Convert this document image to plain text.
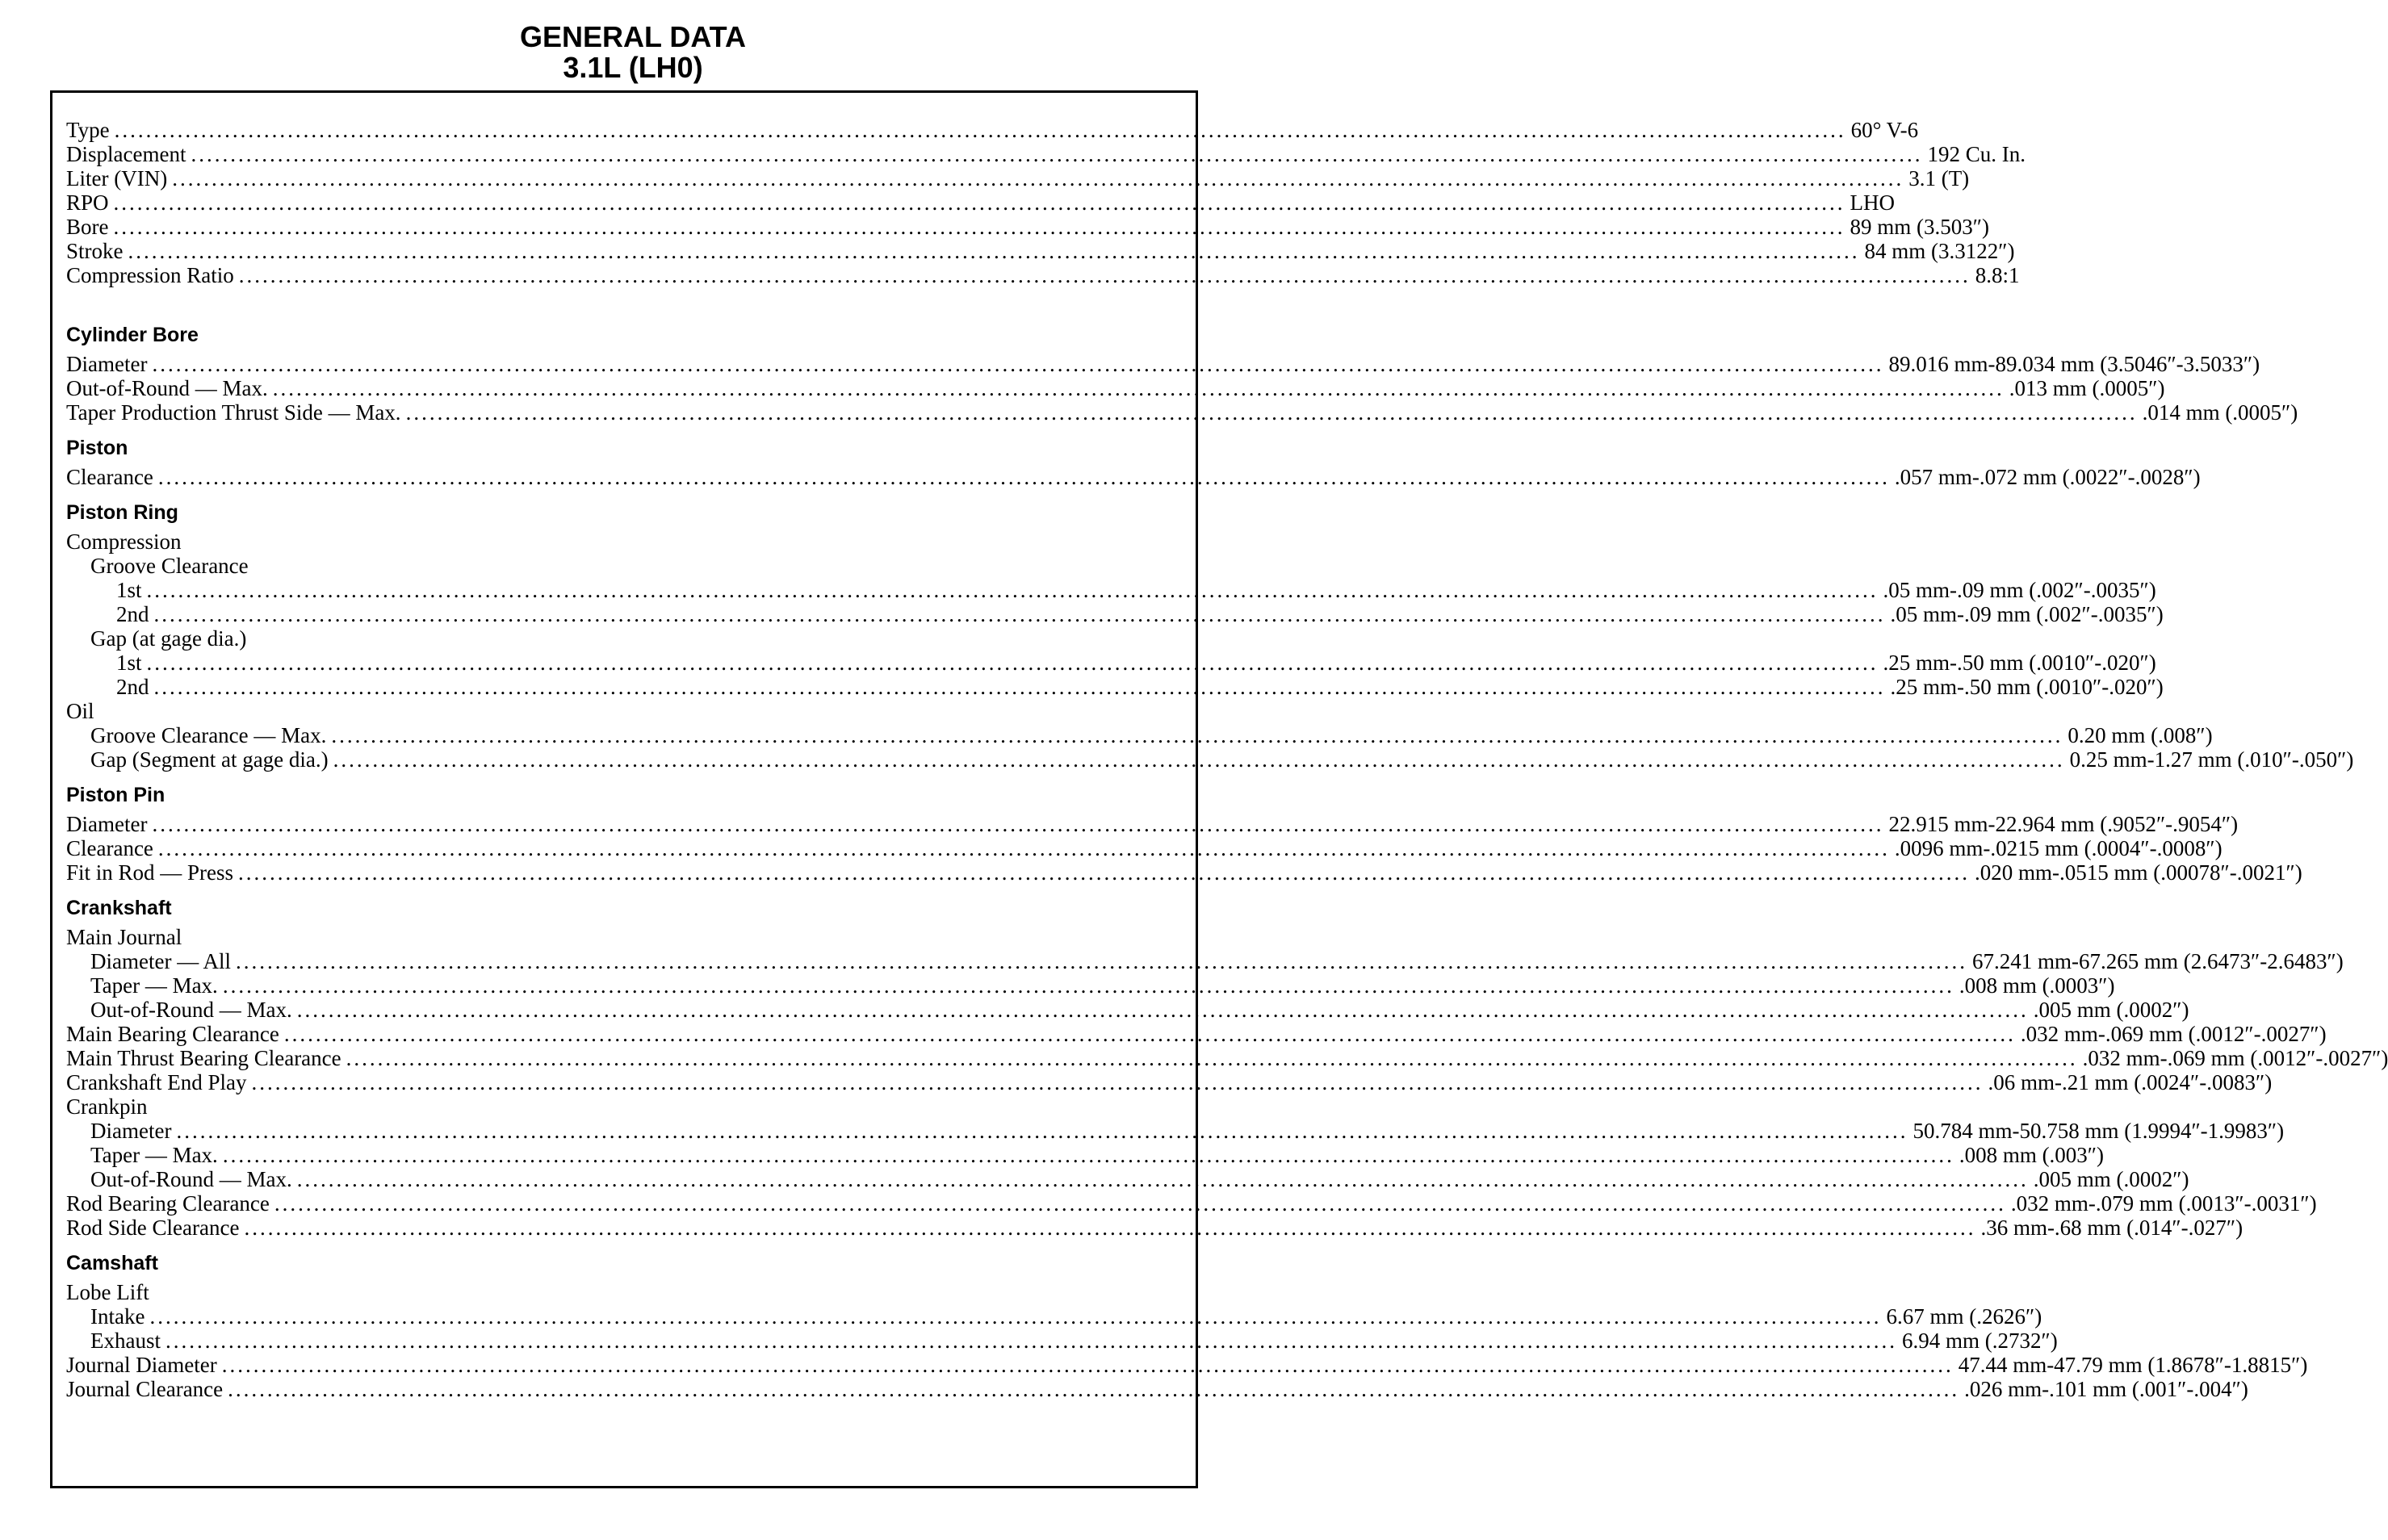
GENERAL DATA
3.1L (LH0)
Type ............................................................................................................................................................................................................................ 60° V-6
Displacement ............................................................................................................................................................................................................................ 192 Cu. In.
Liter (VIN) ............................................................................................................................................................................................................................ 3.1 (T)
RPO ............................................................................................................................................................................................................................ LHO
Bore ............................................................................................................................................................................................................................ 89 mm (3.503″)
Stroke ............................................................................................................................................................................................................................ 84 mm (3.3122″)
Compression Ratio ............................................................................................................................................................................................................................ 8.8:1
Cylinder Bore
Diameter ............................................................................................................................................................................................................................ 89.016 mm-89.034 mm (3.5046″-3.5033″)
Out-of-Round — Max. ............................................................................................................................................................................................................................ .013 mm (.0005″)
Taper Production Thrust Side — Max. ............................................................................................................................................................................................................................ .014 mm (.0005″)
Piston
Clearance ............................................................................................................................................................................................................................ .057 mm-.072 mm (.0022″-.0028″)
Piston Ring
Compression
Groove Clearance
1st ............................................................................................................................................................................................................................ .05 mm-.09 mm (.002″-.0035″)
2nd ............................................................................................................................................................................................................................ .05 mm-.09 mm (.002″-.0035″)
Gap (at gage dia.)
1st ............................................................................................................................................................................................................................ .25 mm-.50 mm (.0010″-.020″)
2nd ............................................................................................................................................................................................................................ .25 mm-.50 mm (.0010″-.020″)
Oil
Groove Clearance — Max. ............................................................................................................................................................................................................................ 0.20 mm (.008″)
Gap (Segment at gage dia.) ............................................................................................................................................................................................................................ 0.25 mm-1.27 mm (.010″-.050″)
Piston Pin
Diameter ............................................................................................................................................................................................................................ 22.915 mm-22.964 mm (.9052″-.9054″)
Clearance ............................................................................................................................................................................................................................ .0096 mm-.0215 mm (.0004″-.0008″)
Fit in Rod — Press ............................................................................................................................................................................................................................ .020 mm-.0515 mm (.00078″-.0021″)
Crankshaft
Main Journal
Diameter — All ............................................................................................................................................................................................................................ 67.241 mm-67.265 mm (2.6473″-2.6483″)
Taper — Max. ............................................................................................................................................................................................................................ .008 mm (.0003″)
Out-of-Round — Max. ............................................................................................................................................................................................................................ .005 mm (.0002″)
Main Bearing Clearance ............................................................................................................................................................................................................................ .032 mm-.069 mm (.0012″-.0027″)
Main Thrust Bearing Clearance ............................................................................................................................................................................................................................ .032 mm-.069 mm (.0012″-.0027″)
Crankshaft End Play ............................................................................................................................................................................................................................ .06 mm-.21 mm (.0024″-.0083″)
Crankpin
Diameter ............................................................................................................................................................................................................................ 50.784 mm-50.758 mm (1.9994″-1.9983″)
Taper — Max. ............................................................................................................................................................................................................................ .008 mm (.003″)
Out-of-Round — Max. ............................................................................................................................................................................................................................ .005 mm (.0002″)
Rod Bearing Clearance ............................................................................................................................................................................................................................ .032 mm-.079 mm (.0013″-.0031″)
Rod Side Clearance ............................................................................................................................................................................................................................ .36 mm-.68 mm (.014″-.027″)
Camshaft
Lobe Lift
Intake ............................................................................................................................................................................................................................ 6.67 mm (.2626″)
Exhaust ............................................................................................................................................................................................................................ 6.94 mm (.2732″)
Journal Diameter ............................................................................................................................................................................................................................ 47.44 mm-47.79 mm (1.8678″-1.8815″)
Journal Clearance ............................................................................................................................................................................................................................ .026 mm-.101 mm (.001″-.004″)
